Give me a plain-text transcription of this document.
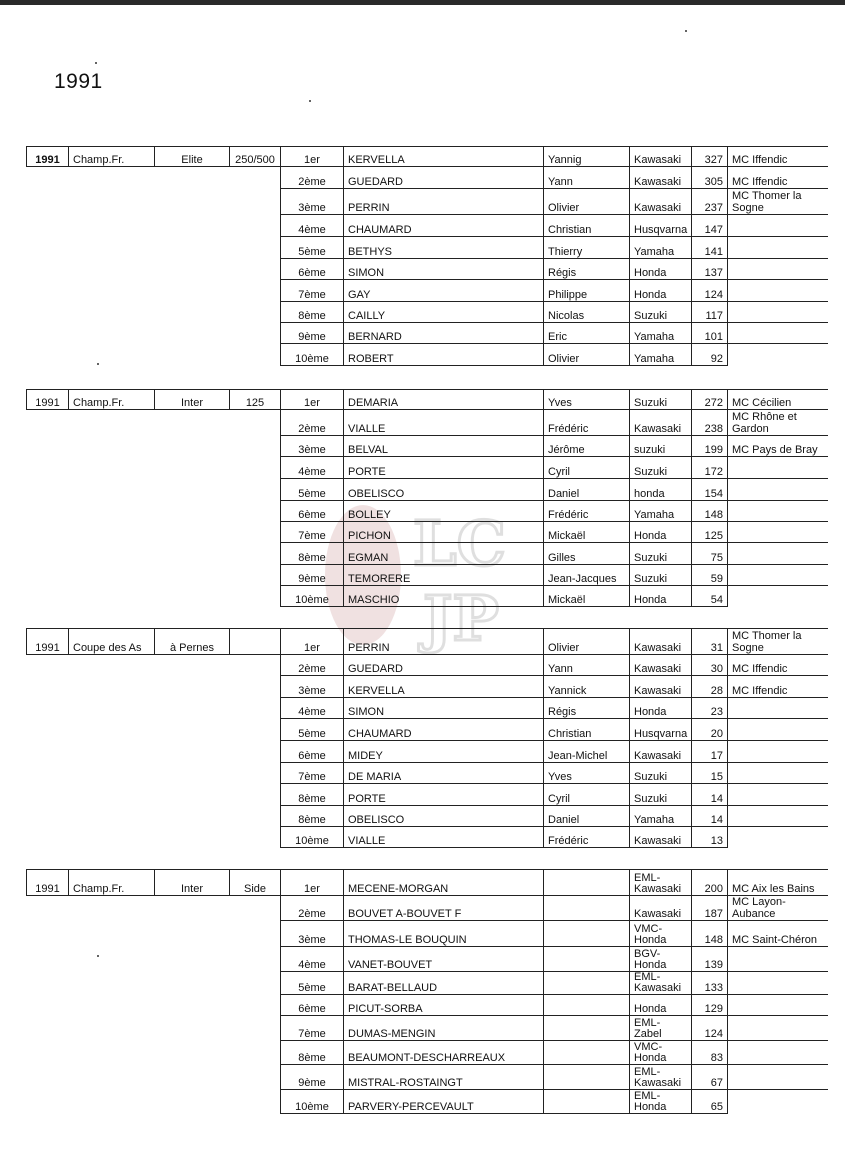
1991
LC
JP
1991	Champ.Fr.	Elite	250/500	1er	KERVELLA	Yannig	Kawasaki	327	MC Iffendic
				2ème	GUEDARD	Yann	Kawasaki	305	MC Iffendic
				3ème	PERRIN	Olivier	Kawasaki	237	MC Thomer la Sogne
				4ème	CHAUMARD	Christian	Husqvarna	147	
				5ème	BETHYS	Thierry	Yamaha	141	
				6ème	SIMON	Régis	Honda	137	
				7ème	GAY	Philippe	Honda	124	
				8ème	CAILLY	Nicolas	Suzuki	117	
				9ème	BERNARD	Eric	Yamaha	101	
				10ème	ROBERT	Olivier	Yamaha	92	
1991	Champ.Fr.	Inter	125	1er	DEMARIA	Yves	Suzuki	272	MC Cécilien
				2ème	VIALLE	Frédéric	Kawasaki	238	MC Rhône et Gardon
				3ème	BELVAL	Jérôme	suzuki	199	MC Pays de Bray
				4ème	PORTE	Cyril	Suzuki	172	
				5ème	OBELISCO	Daniel	honda	154	
				6ème	BOLLEY	Frédéric	Yamaha	148	
				7ème	PICHON	Mickaël	Honda	125	
				8ème	EGMAN	Gilles	Suzuki	75	
				9ème	TEMORERE	Jean-Jacques	Suzuki	59	
				10ème	MASCHIO	Mickaël	Honda	54	
1991	Coupe des As	à Pernes		1er	PERRIN	Olivier	Kawasaki	31	MC Thomer la Sogne
				2ème	GUEDARD	Yann	Kawasaki	30	MC Iffendic
				3ème	KERVELLA	Yannick	Kawasaki	28	MC Iffendic
				4ème	SIMON	Régis	Honda	23	
				5ème	CHAUMARD	Christian	Husqvarna	20	
				6ème	MIDEY	Jean-Michel	Kawasaki	17	
				7ème	DE MARIA	Yves	Suzuki	15	
				8ème	PORTE	Cyril	Suzuki	14	
				8ème	OBELISCO	Daniel	Yamaha	14	
				10ème	VIALLE	Frédéric	Kawasaki	13	
1991	Champ.Fr.	Inter	Side	1er	MECENE-MORGAN		EML-Kawasaki	200	MC Aix les Bains
				2ème	BOUVET A-BOUVET F		Kawasaki	187	MC Layon-Aubance
				3ème	THOMAS-LE BOUQUIN		VMC-Honda	148	MC Saint-Chéron
				4ème	VANET-BOUVET		BGV-Honda	139	
				5ème	BARAT-BELLAUD		EML-Kawasaki	133	
				6ème	PICUT-SORBA		Honda	129	
				7ème	DUMAS-MENGIN		EML-Zabel	124	
				8ème	BEAUMONT-DESCHARREAUX		VMC-Honda	83	
				9ème	MISTRAL-ROSTAINGT		EML-Kawasaki	67	
				10ème	PARVERY-PERCEVAULT		EML-Honda	65	
